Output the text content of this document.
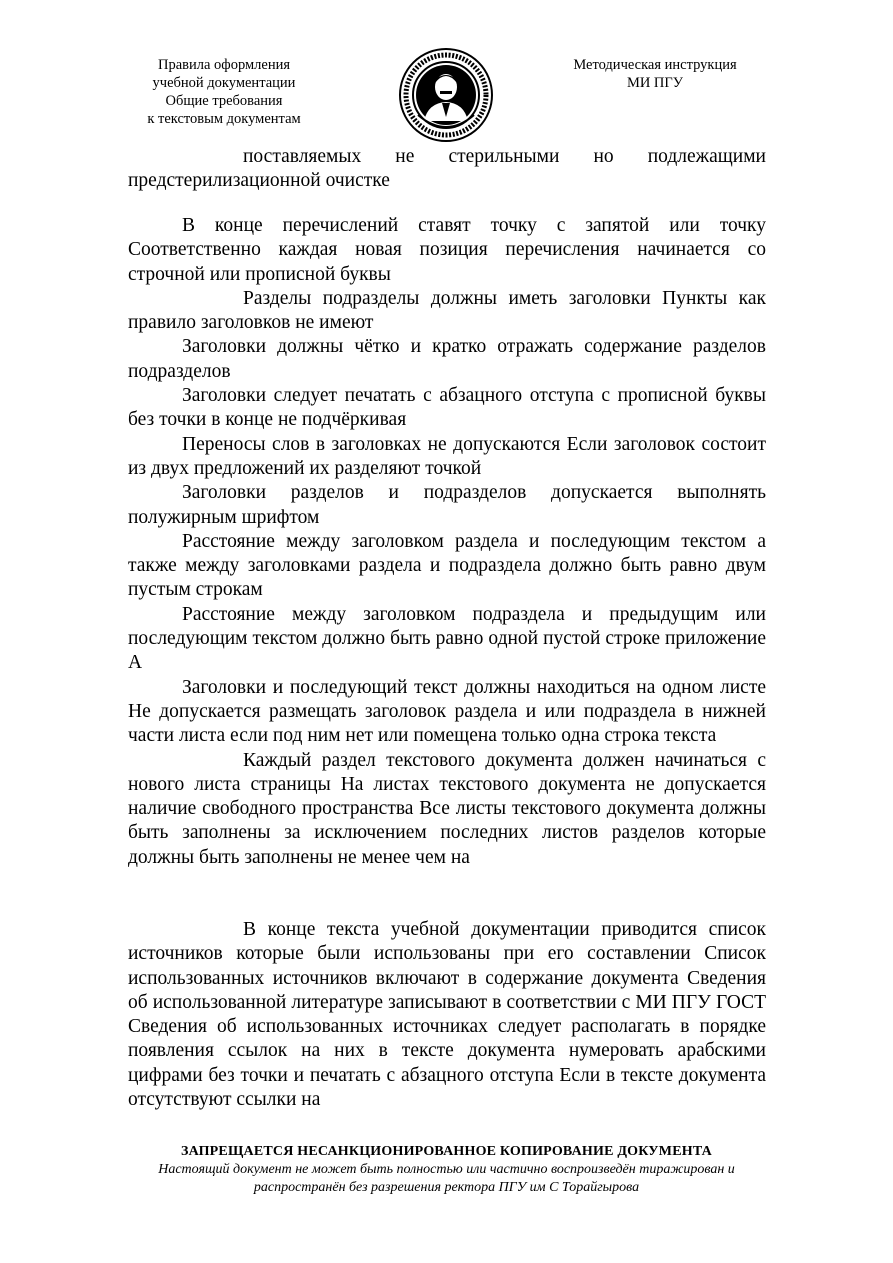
Правила оформления
учебной документации
Общие требования
к текстовым документам
Методическая инструкция
МИ ПГУ

поставляемых не стерильными но подлежащими

предстерилизационной очистке

В конце перечислений ставят точку с запятой или точку Соответственно каждая новая позиция перечисления начинается со строчной или прописной буквы

Разделы подразделы должны иметь заголовки Пункты как правило заголовков не имеют

Заголовки должны чётко и кратко отражать содержание разделов подразделов

Заголовки следует печатать с абзацного отступа с прописной буквы без точки в конце не подчёркивая

Переносы слов в заголовках не допускаются Если заголовок состоит из двух предложений их разделяют точкой

Заголовки разделов и подразделов допускается выполнять полужирным шрифтом

Расстояние между заголовком раздела и последующим текстом а также между заголовками раздела и подраздела должно быть равно двум пустым строкам

Расстояние между заголовком подраздела и предыдущим или последующим текстом должно быть равно одной пустой строке приложение А

Заголовки и последующий текст должны находиться на одном листе Не допускается размещать заголовок раздела и или подраздела в нижней части листа если под ним нет или помещена только одна строка текста

Каждый раздел текстового документа должен начинаться с нового листа страницы На листах текстового документа не допускается наличие свободного пространства Все листы текстового документа должны быть заполнены за исключением последних листов разделов которые должны быть заполнены не менее чем на

В конце текста учебной документации приводится список источников которые были использованы при его составлении Список использованных источников включают в содержание документа Сведения об использованной литературе записывают в соответствии с МИ ПГУ ГОСТ Сведения об использованных источниках следует располагать в порядке появления ссылок на них в тексте документа нумеровать арабскими цифрами без точки и печатать с абзацного отступа Если в тексте документа отсутствуют ссылки на

ЗАПРЕЩАЕТСЯ НЕСАНКЦИОНИРОВАННОЕ КОПИРОВАНИЕ ДОКУМЕНТА
Настоящий документ не может быть полностью или частично воспроизведён тиражирован и
распространён без разрешения ректора ПГУ им С Торайгырова
